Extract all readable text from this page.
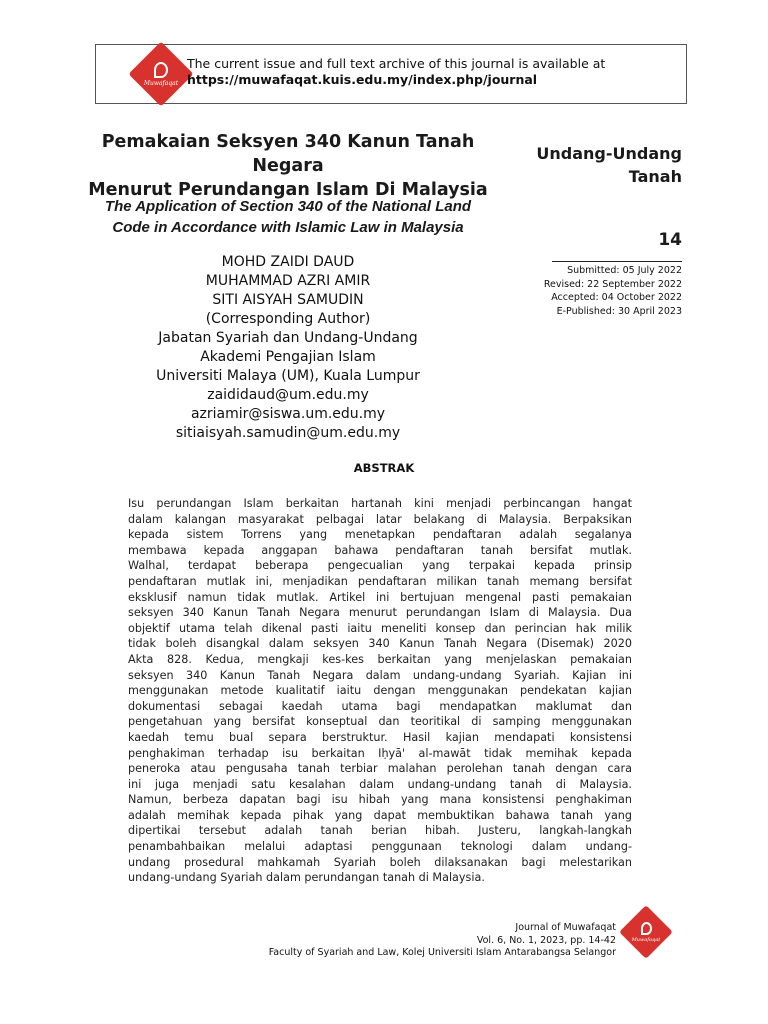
Muwafaqat
The current issue and full text archive of this journal is available at
https://muwafaqat.kuis.edu.my/index.php/journal
Pemakaian Seksyen 340 Kanun Tanah Negara
Menurut Perundangan Islam Di Malaysia
The Application of Section 340 of the National Land
Code in Accordance with Islamic Law in Malaysia
MOHD ZAIDI DAUD
MUHAMMAD AZRI AMIR
SITI AISYAH SAMUDIN
(Corresponding Author)
Jabatan Syariah dan Undang-Undang
Akademi Pengajian Islam
Universiti Malaya (UM), Kuala Lumpur
zaididaud@um.edu.my
azriamir@siswa.um.edu.my
sitiaisyah.samudin@um.edu.my
Undang-Undang
Tanah
14
Submitted: 05 July 2022
Revised: 22 September 2022
Accepted: 04 October 2022
E-Published: 30 April 2023
ABSTRAK
Isu perundangan Islam berkaitan hartanah kini menjadi perbincangan hangat
dalam kalangan masyarakat pelbagai latar belakang di Malaysia. Berpaksikan
kepada sistem Torrens yang menetapkan pendaftaran adalah segalanya
membawa kepada anggapan bahawa pendaftaran tanah bersifat mutlak.
Walhal, terdapat beberapa pengecualian yang terpakai kepada prinsip
pendaftaran mutlak ini, menjadikan pendaftaran milikan tanah memang bersifat
eksklusif namun tidak mutlak. Artikel ini bertujuan mengenal pasti pemakaian
seksyen 340 Kanun Tanah Negara menurut perundangan Islam di Malaysia. Dua
objektif utama telah dikenal pasti iaitu meneliti konsep dan perincian hak milik
tidak boleh disangkal dalam seksyen 340 Kanun Tanah Negara (Disemak) 2020
Akta 828. Kedua, mengkaji kes-kes berkaitan yang menjelaskan pemakaian
seksyen 340 Kanun Tanah Negara dalam undang-undang Syariah. Kajian ini
menggunakan metode kualitatif iaitu dengan menggunakan pendekatan kajian
dokumentasi sebagai kaedah utama bagi mendapatkan maklumat dan
pengetahuan yang bersifat konseptual dan teoritikal di samping menggunakan
kaedah temu bual separa berstruktur. Hasil kajian mendapati konsistensi
penghakiman terhadap isu berkaitan Iḥyā' al-mawāt tidak memihak kepada
peneroka atau pengusaha tanah terbiar malahan perolehan tanah dengan cara
ini juga menjadi satu kesalahan dalam undang-undang tanah di Malaysia.
Namun, berbeza dapatan bagi isu hibah yang mana konsistensi penghakiman
adalah memihak kepada pihak yang dapat membuktikan bahawa tanah yang
dipertikai tersebut adalah tanah berian hibah. Justeru, langkah-langkah
penambahbaikan melalui adaptasi penggunaan teknologi dalam undang-
undang prosedural mahkamah Syariah boleh dilaksanakan bagi melestarikan
undang-undang Syariah dalam perundangan tanah di Malaysia.
Journal of Muwafaqat
Vol. 6, No. 1, 2023, pp. 14-42
Faculty of Syariah and Law, Kolej Universiti Islam Antarabangsa Selangor
Muwafaqat
